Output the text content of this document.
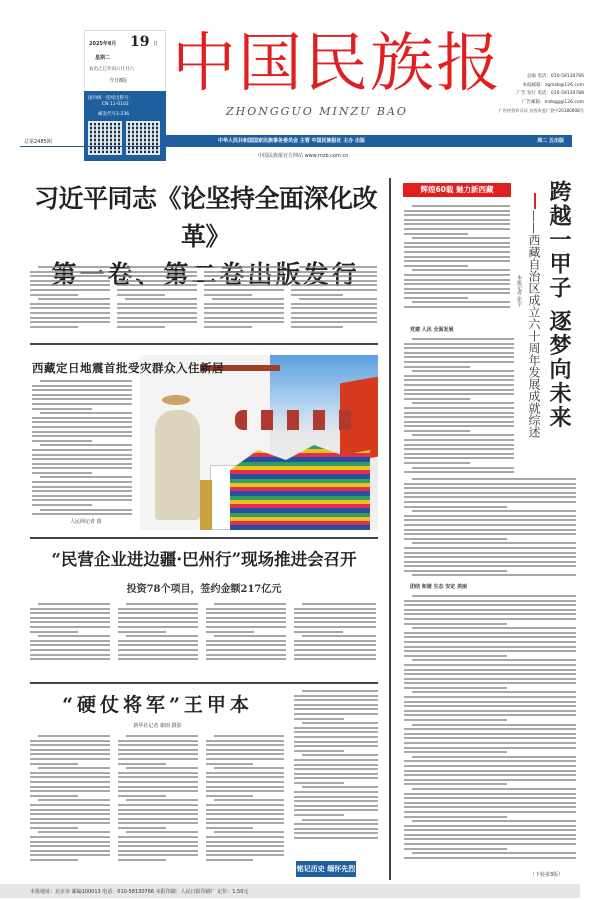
2025年8月 19 日
星期二
农历乙巳年闰六月廿六
今日8版
国内统一连续出版号：
CN 11-0102
邮发代号1-236
中国民族报
ZHONGGUO MINZU BAO
总编 电话：010-58130766
本报邮箱：zgmzb@126.com
广告 发行 电话：010-58130788
广告邮箱：mzbgg@126.com
广告经营许可证 京西市监广登字20180008号
总第2485期	中华人民共和国国家民族事务委员会 主管 中国民族报社 主办 出版	周二 五出版
中国民族报官方网站 www.mzb.com.cn
习近平同志《论坚持全面深化改革》
西藏定日地震首批受灾群众入住新居
人民网记者 摄
“民营企业进边疆·巴州行”现场推进会召开
投资78个项目，签约金额217亿元
“硬仗将军”王甲本
新华社记者 谢雨 摄影
铭记历史 缅怀先烈
辉煌60载 魅力新西藏	跨越一甲子 逐梦向未来
——西藏自治区成立六十周年发展成就综述
本报记者 张宇
党建 人民 全面发展
团结 和谐 生态 安定 美丽
（下转第3版）
本报地址：北京市 邮编100013 电话：010-58130766 本报印刷：人民日报印刷厂 定价：1.50元
